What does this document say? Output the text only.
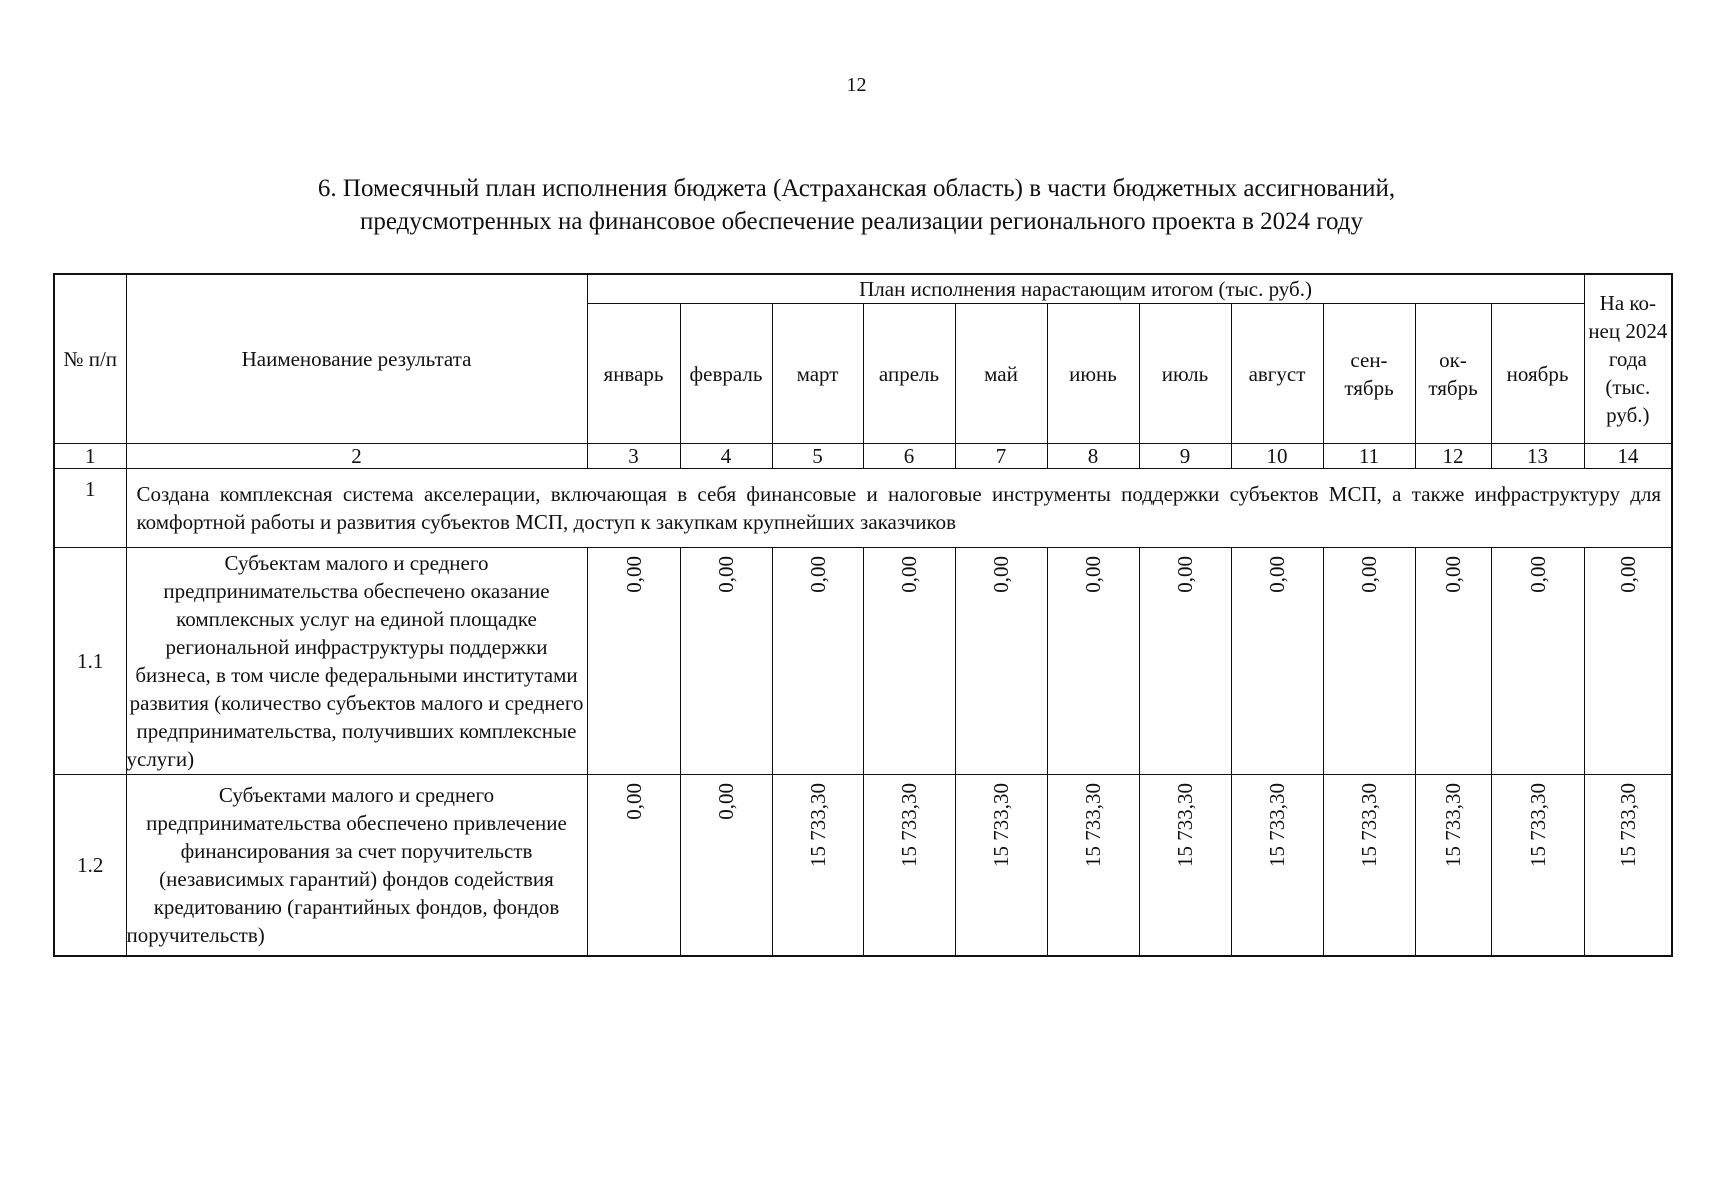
12
6. Помесячный план исполнения бюджета (Астраханская область) в части бюджетных ассигнований,
предусмотренных на финансовое обеспечение реализации регионального проекта в 2024 году
№ п/п	Наименование результата	План исполнения нарастающим итогом (тыс. руб.)											На ко- нец 2024 года (тыс. руб.)
		январь	февраль	март	апрель	май	июнь	июль	август	сен- тябрь	ок- тябрь	ноябрь	
1	2	3	4	5	6	7	8	9	10	11	12	13	14
1	Создана комплексная система акселерации, включающая в себя финансовые и налоговые инструменты поддержки субъектов МСП, а также инфраструктуру для комфортной работы и развития субъектов МСП, доступ к закупкам крупнейших заказчиков												
1.1	Субъектам малого и среднего предпринимательства обеспечено оказание комплексных услуг на единой площадке региональной инфраструктуры поддержки бизнеса, в том числе федеральными институтами развития (количество субъектов малого и среднего предпринимательства, получивших комплексные услуги)	0,00	0,00	0,00	0,00	0,00	0,00	0,00	0,00	0,00	0,00	0,00	0,00

1.2	Субъектами малого и среднего предпринимательства обеспечено привлечение финансирования за счет поручительств (независимых гарантий) фондов содействия кредитованию (гарантийных фондов, фондов поручительств)	0,00	0,00	15 733,30	15 733,30	15 733,30	15 733,30	15 733,30	15 733,30	15 733,30	15 733,30	15 733,30	15 733,30
